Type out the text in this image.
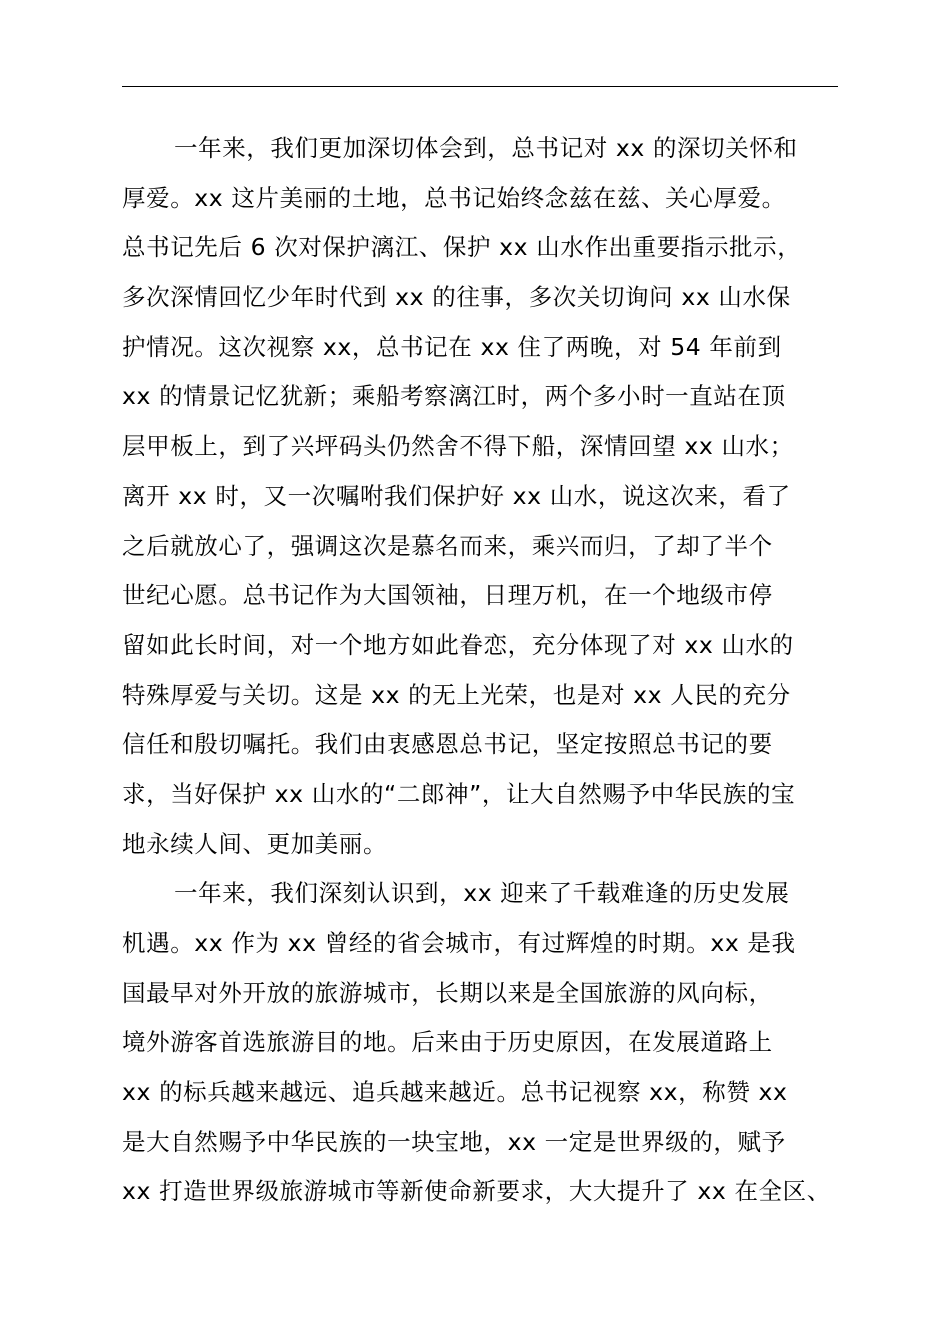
一年来，我们更加深切体会到，总书记对 xx 的深切关怀和
厚爱。xx 这片美丽的土地，总书记始终念兹在兹、关心厚爱。
总书记先后 6 次对保护漓江、保护 xx 山水作出重要指示批示，
多次深情回忆少年时代到 xx 的往事，多次关切询问 xx 山水保
护情况。这次视察 xx，总书记在 xx 住了两晚，对 54 年前到
xx 的情景记忆犹新；乘船考察漓江时，两个多小时一直站在顶
层甲板上，到了兴坪码头仍然舍不得下船，深情回望 xx 山水；
离开 xx 时，又一次嘱咐我们保护好 xx 山水，说这次来，看了
之后就放心了，强调这次是慕名而来，乘兴而归，了却了半个
世纪心愿。总书记作为大国领袖，日理万机，在一个地级市停
留如此长时间，对一个地方如此眷恋，充分体现了对 xx 山水的
特殊厚爱与关切。这是 xx 的无上光荣，也是对 xx 人民的充分
信任和殷切嘱托。我们由衷感恩总书记，坚定按照总书记的要
求，当好保护 xx 山水的“二郎神”，让大自然赐予中华民族的宝
地永续人间、更加美丽。
一年来，我们深刻认识到，xx 迎来了千载难逢的历史发展
机遇。xx 作为 xx 曾经的省会城市，有过辉煌的时期。xx 是我
国最早对外开放的旅游城市，长期以来是全国旅游的风向标，
境外游客首选旅游目的地。后来由于历史原因，在发展道路上
xx 的标兵越来越远、追兵越来越近。总书记视察 xx，称赞 xx
是大自然赐予中华民族的一块宝地，xx 一定是世界级的，赋予
xx 打造世界级旅游城市等新使命新要求，大大提升了 xx 在全区、
